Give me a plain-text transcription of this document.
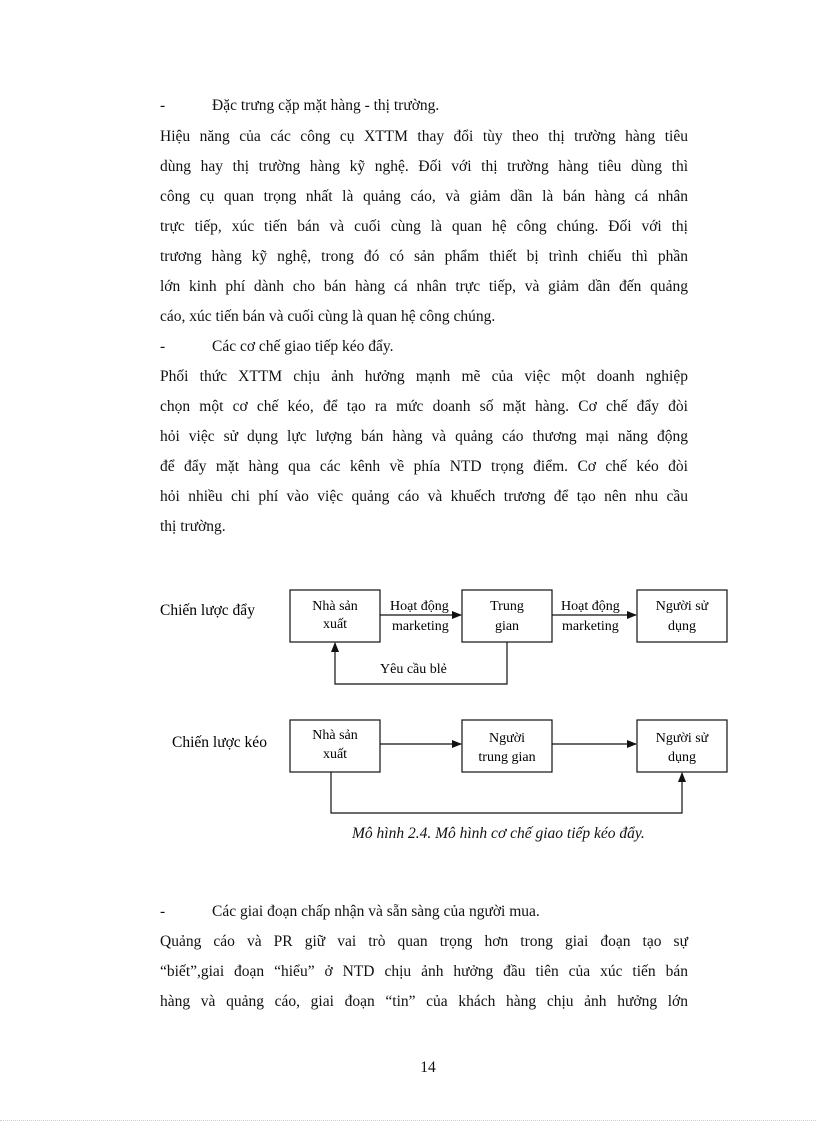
-	Đặc trưng cặp mặt hàng - thị trường.
Hiệu năng của các công cụ XTTM thay đổi tùy theo thị trường hàng tiêu
dùng hay thị trường hàng kỹ nghệ. Đối với thị trường hàng tiêu dùng thì
công cụ quan trọng nhất là quảng cáo, và giảm dần là bán hàng cá nhân
trực tiếp, xúc tiến bán và cuối cùng là quan hệ công chúng. Đối với thị
trương hàng kỹ nghệ, trong đó có sản phẩm thiết bị trình chiếu thì phần
lớn kinh phí dành cho bán hàng cá nhân trực tiếp, và giảm dần đến quảng
cáo, xúc tiến bán và cuối cùng là quan hệ công chúng.
-	Các cơ chế giao tiếp kéo đẩy.
Phối thức XTTM chịu ảnh hưởng mạnh mẽ của việc một doanh nghiệp
chọn một cơ chế kéo, để tạo ra mức doanh số mặt hàng. Cơ chế đẩy đòi
hỏi việc sử dụng lực lượng bán hàng và quảng cáo thương mại năng động
để đẩy mặt hàng qua các kênh về phía NTD trọng điểm. Cơ chế kéo đòi
hỏi nhiều chi phí vào việc quảng cáo và khuếch trương để tạo nên nhu cầu
thị trường.
Chiến lược đẩy	Nhà sản
xuất
Hoạt động
marketing
Trung
gian
Hoạt động
marketing
Người sử
dụng
Yêu cầu blẻ
Chiến lược kéo	Nhà sản
xuất
Người
trung gian
Người sử
dụng
Mô hình 2.4. Mô hình cơ chế giao tiếp kéo đẩy.
-	Các giai đoạn chấp nhận và sẵn sàng của người mua.
Quảng cáo và PR giữ vai trò quan trọng hơn trong giai đoạn tạo sự
“biết”,giai đoạn “hiểu” ở NTD chịu ảnh hưởng đầu tiên của xúc tiến bán
hàng và quảng cáo, giai đoạn “tin” của khách hàng chịu ảnh hưởng lớn
14
